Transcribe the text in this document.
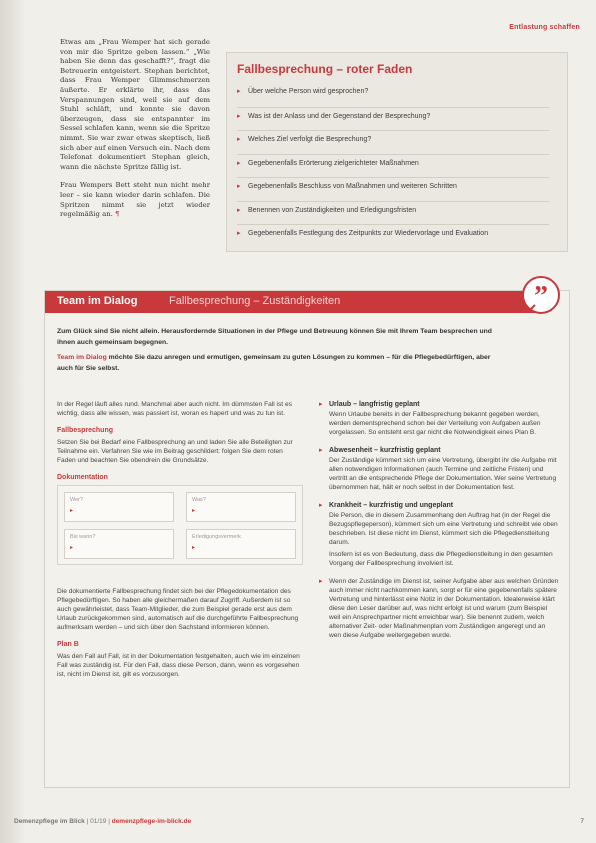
Entlastung schaffen

Etwas am „Frau Wemper hat sich gerade von mir die Spritze geben lassen.“ „Wie haben Sie denn das geschafft?“, fragt die Betreuerin entgeistert. Stephan berichtet, dass Frau Wemper Glimmschmerzen äußerte. Er erklärte ihr, dass das Verspannungen sind, weil sie auf dem Stuhl schläft, und konnte sie davon überzeugen, dass sie entspannter im Sessel schlafen kann, wenn sie die Spritze nimmt. Sie war zwar etwas skeptisch, ließ sich aber auf einen Versuch ein. Nach dem Telefonat dokumentiert Stephan gleich, wann die nächste Spritze fällig ist.

Frau Wempers Bett steht nun nicht mehr leer – sie kann wieder darin schlafen. Die Spritzen nimmt sie jetzt wieder regelmäßig an. ¶

Fallbesprechung – roter Faden
▸ Über welche Person wird gesprochen?
▸ Was ist der Anlass und der Gegenstand der Besprechung?
▸ Welches Ziel verfolgt die Besprechung?
▸ Gegebenenfalls Erörterung zielgerichteter Maßnahmen
▸ Gegebenenfalls Beschluss von Maßnahmen und weiteren Schritten
▸ Benennen von Zuständigkeiten und Erledigungsfristen
▸ Gegebenenfalls Festlegung des Zeitpunkts zur Wiedervorlage und Evaluation
Team im Dialog	Fallbesprechung – Zuständigkeiten	”

Zum Glück sind Sie nicht allein. Herausfordernde Situationen in der Pflege und Betreuung können Sie mit Ihrem Team besprechen und ihnen auch gemeinsam begegnen.

Team im Dialog möchte Sie dazu anregen und ermutigen, gemeinsam zu guten Lösungen zu kommen – für die Pflegebedürftigen, aber auch für Sie selbst.

In der Regel läuft alles rund. Manchmal aber auch nicht. Im dümmsten Fall ist es wichtig, dass alle wissen, was passiert ist, woran es hapert und was zu tun ist.

Fallbesprechung

Setzen Sie bei Bedarf eine Fallbesprechung an und laden Sie alle Beteiligten zur Teilnahme ein. Verfahren Sie wie im Beitrag geschildert: folgen Sie dem roten Faden und beachten Sie obendrein die Grundsätze.

Dokumentation
Wer?
▸
Was?
▸
Bis wann?
▸
Erledigungsvermerk
▸

Die dokumentierte Fallbesprechung findet sich bei der Pflegedokumentation des Pflegebedürftigen. So haben alle gleichermaßen darauf Zugriff. Außerdem ist so auch gewährleistet, dass Team-Mitglieder, die zum Beispiel gerade erst aus dem Urlaub zurückgekommen sind, automatisch auf die durchgeführte Fallbesprechung aufmerksam werden – und sich über den Sachstand informieren können.

Plan B

Was den Fall auf Fall, ist in der Dokumentation festgehalten, auch wie im einzelnen Fall was zuständig ist. Für den Fall, dass diese Person, dann, wenn es vorgesehen ist, nicht im Dienst ist, gilt es vorzusorgen.

▸ Urlaub – langfristig geplant

Wenn Urlaube bereits in der Fallbesprechung bekannt gegeben werden, werden dementsprechend schon bei der Verteilung von Aufgaben außen vorgelassen. So entsteht erst gar nicht die Notwendigkeit eines Plan B.

▸ Abwesenheit – kurzfristig geplant

Der Zuständige kümmert sich um eine Vertretung, übergibt ihr die Aufgabe mit allen notwendigen Informationen (auch Termine und zeitliche Fristen) und vertritt an die entsprechende Pflege der Dokumentation. Wer seine Vertretung übernommen hat, hält er noch selbst in der Dokumentation fest.

▸ Krankheit – kurzfristig und ungeplant

Die Person, die in diesem Zusammenhang den Auftrag hat (in der Regel die Bezugspflegeperson), kümmert sich um eine Vertretung und schreibt wie oben beschrieben. Ist diese nicht im Dienst, kümmert sich die Pflegedienstleitung darum.

Insofern ist es von Bedeutung, dass die Pflegedienstleitung in den gesamten Vorgang der Fallbesprechung involviert ist.

▸ Wenn der Zuständige im Dienst ist, seiner Aufgabe aber aus welchen Gründen auch immer nicht nachkommen kann, sorgt er für eine gegebenenfalls spätere Vertretung und hinterlässt eine Notiz in der Dokumentation. Idealerweise klärt diese den Leser darüber auf, was nicht erfolgt ist und warum (zum Beispiel weil ein Ansprechpartner nicht erreichbar war). Sie benennt zudem, welch alternativer Zeit- oder Maßnahmenplan vom Zuständigen angeregt und an wen diese Aufgabe weitergegeben wurde.

Demenzpflege im Blick | 01/19 | demenzpflege-im-blick.de	7
